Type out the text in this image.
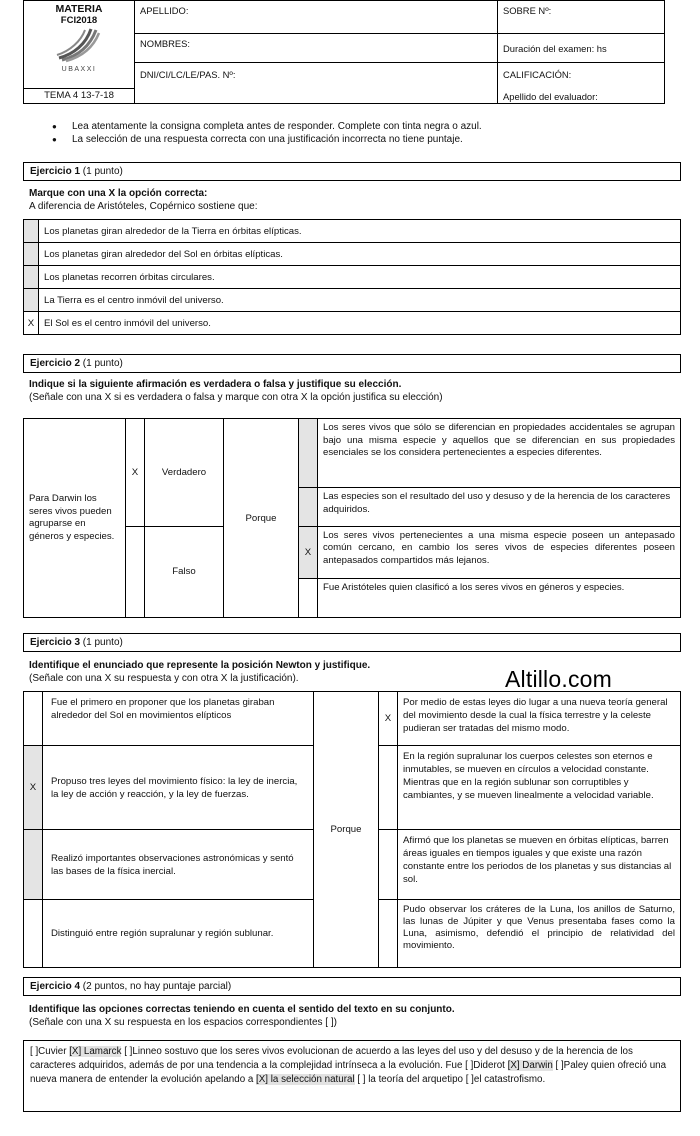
MATERIA
FCI2018
UBAXXI	APELLIDO:	SOBRE Nº:
	NOMBRES:	Duración del examen: hs
	DNI/CI/LC/LE/PAS. Nº:	CALIFICACIÓN:
Apellido del evaluador:
TEMA 4 13-7-18
● Lea atentamente la consigna completa antes de responder. Complete con tinta negra o azul.
● La selección de una respuesta correcta con una justificación incorrecta no tiene puntaje.
Ejercicio 1 (1 punto)
Marque con una X la opción correcta:
A diferencia de Aristóteles, Copérnico sostiene que:
	Los planetas giran alrededor de la Tierra en órbitas elípticas.
	Los planetas giran alrededor del Sol en órbitas elípticas.
	Los planetas recorren órbitas circulares.
	La Tierra es el centro inmóvil del universo.
X	El Sol es el centro inmóvil del universo.
Ejercicio 2 (1 punto)
Indique si la siguiente afirmación es verdadera o falsa y justifique su elección.
(Señale con una X si es verdadera o falsa y marque con otra X la opción justifica su elección)
Para Darwin los seres vivos pueden agruparse en géneros y especies.	X	Verdadero	Porque		Los seres vivos que sólo se diferencian en propiedades accidentales se agrupan bajo una misma especie y aquellos que se diferencian en sus propiedades esenciales se los considera pertenecientes a especies diferentes.
					Las especies son el resultado del uso y desuso y de la herencia de los caracteres adquiridos.
		Falso		X	Los seres vivos pertenecientes a una misma especie poseen un antepasado común cercano, en cambio los seres vivos de especies diferentes poseen antepasados compartidos más lejanos.
					Fue Aristóteles quien clasificó a los seres vivos en géneros y especies.
Ejercicio 3 (1 punto)
Identifique el enunciado que represente la posición Newton y justifique.
(Señale con una X su respuesta y con otra X la justificación).	Altillo.com
	Fue el primero en proponer que los planetas giraban alrededor del Sol en movimientos elípticos	Porque	X	Por medio de estas leyes dio lugar a una nueva teoría general del movimiento desde la cual la física terrestre y la celeste pudieran ser tratadas del mismo modo.
X	Propuso tres leyes del movimiento físico: la ley de inercia, la ley de acción y reacción, y la ley de fuerzas.			En la región supralunar los cuerpos celestes son eternos e inmutables, se mueven en círculos a velocidad constante. Mientras que en la región sublunar son corruptibles y cambiantes, y se mueven linealmente a velocidad variable.
	Realizó importantes observaciones astronómicas y sentó las bases de la física inercial.			Afirmó que los planetas se mueven en órbitas elípticas, barren áreas iguales en tiempos iguales y que existe una razón constante entre los periodos de los planetas y sus distancias al sol.
	Distinguió entre región supralunar y región sublunar.			Pudo observar los cráteres de la Luna, los anillos de Saturno, las lunas de Júpiter y que Venus presentaba fases como la Luna, asimismo, defendió el principio de relatividad del movimiento.
Ejercicio 4 (2 puntos, no hay puntaje parcial)
Identifique las opciones correctas teniendo en cuenta el sentido del texto en su conjunto.
(Señale con una X su respuesta en los espacios correspondientes [ ])
[ ]Cuvier [X] Lamarck [ ]Linneo sostuvo que los seres vivos evolucionan de acuerdo a las leyes del uso y del desuso y de la herencia de los caracteres adquiridos, además de por una tendencia a la complejidad intrínseca a la evolución. Fue [ ]Diderot [X] Darwin [ ]Paley quien ofreció una nueva manera de entender la evolución apelando a [X] la selección natural [ ] la teoría del arquetipo [ ]el catastrofismo.
